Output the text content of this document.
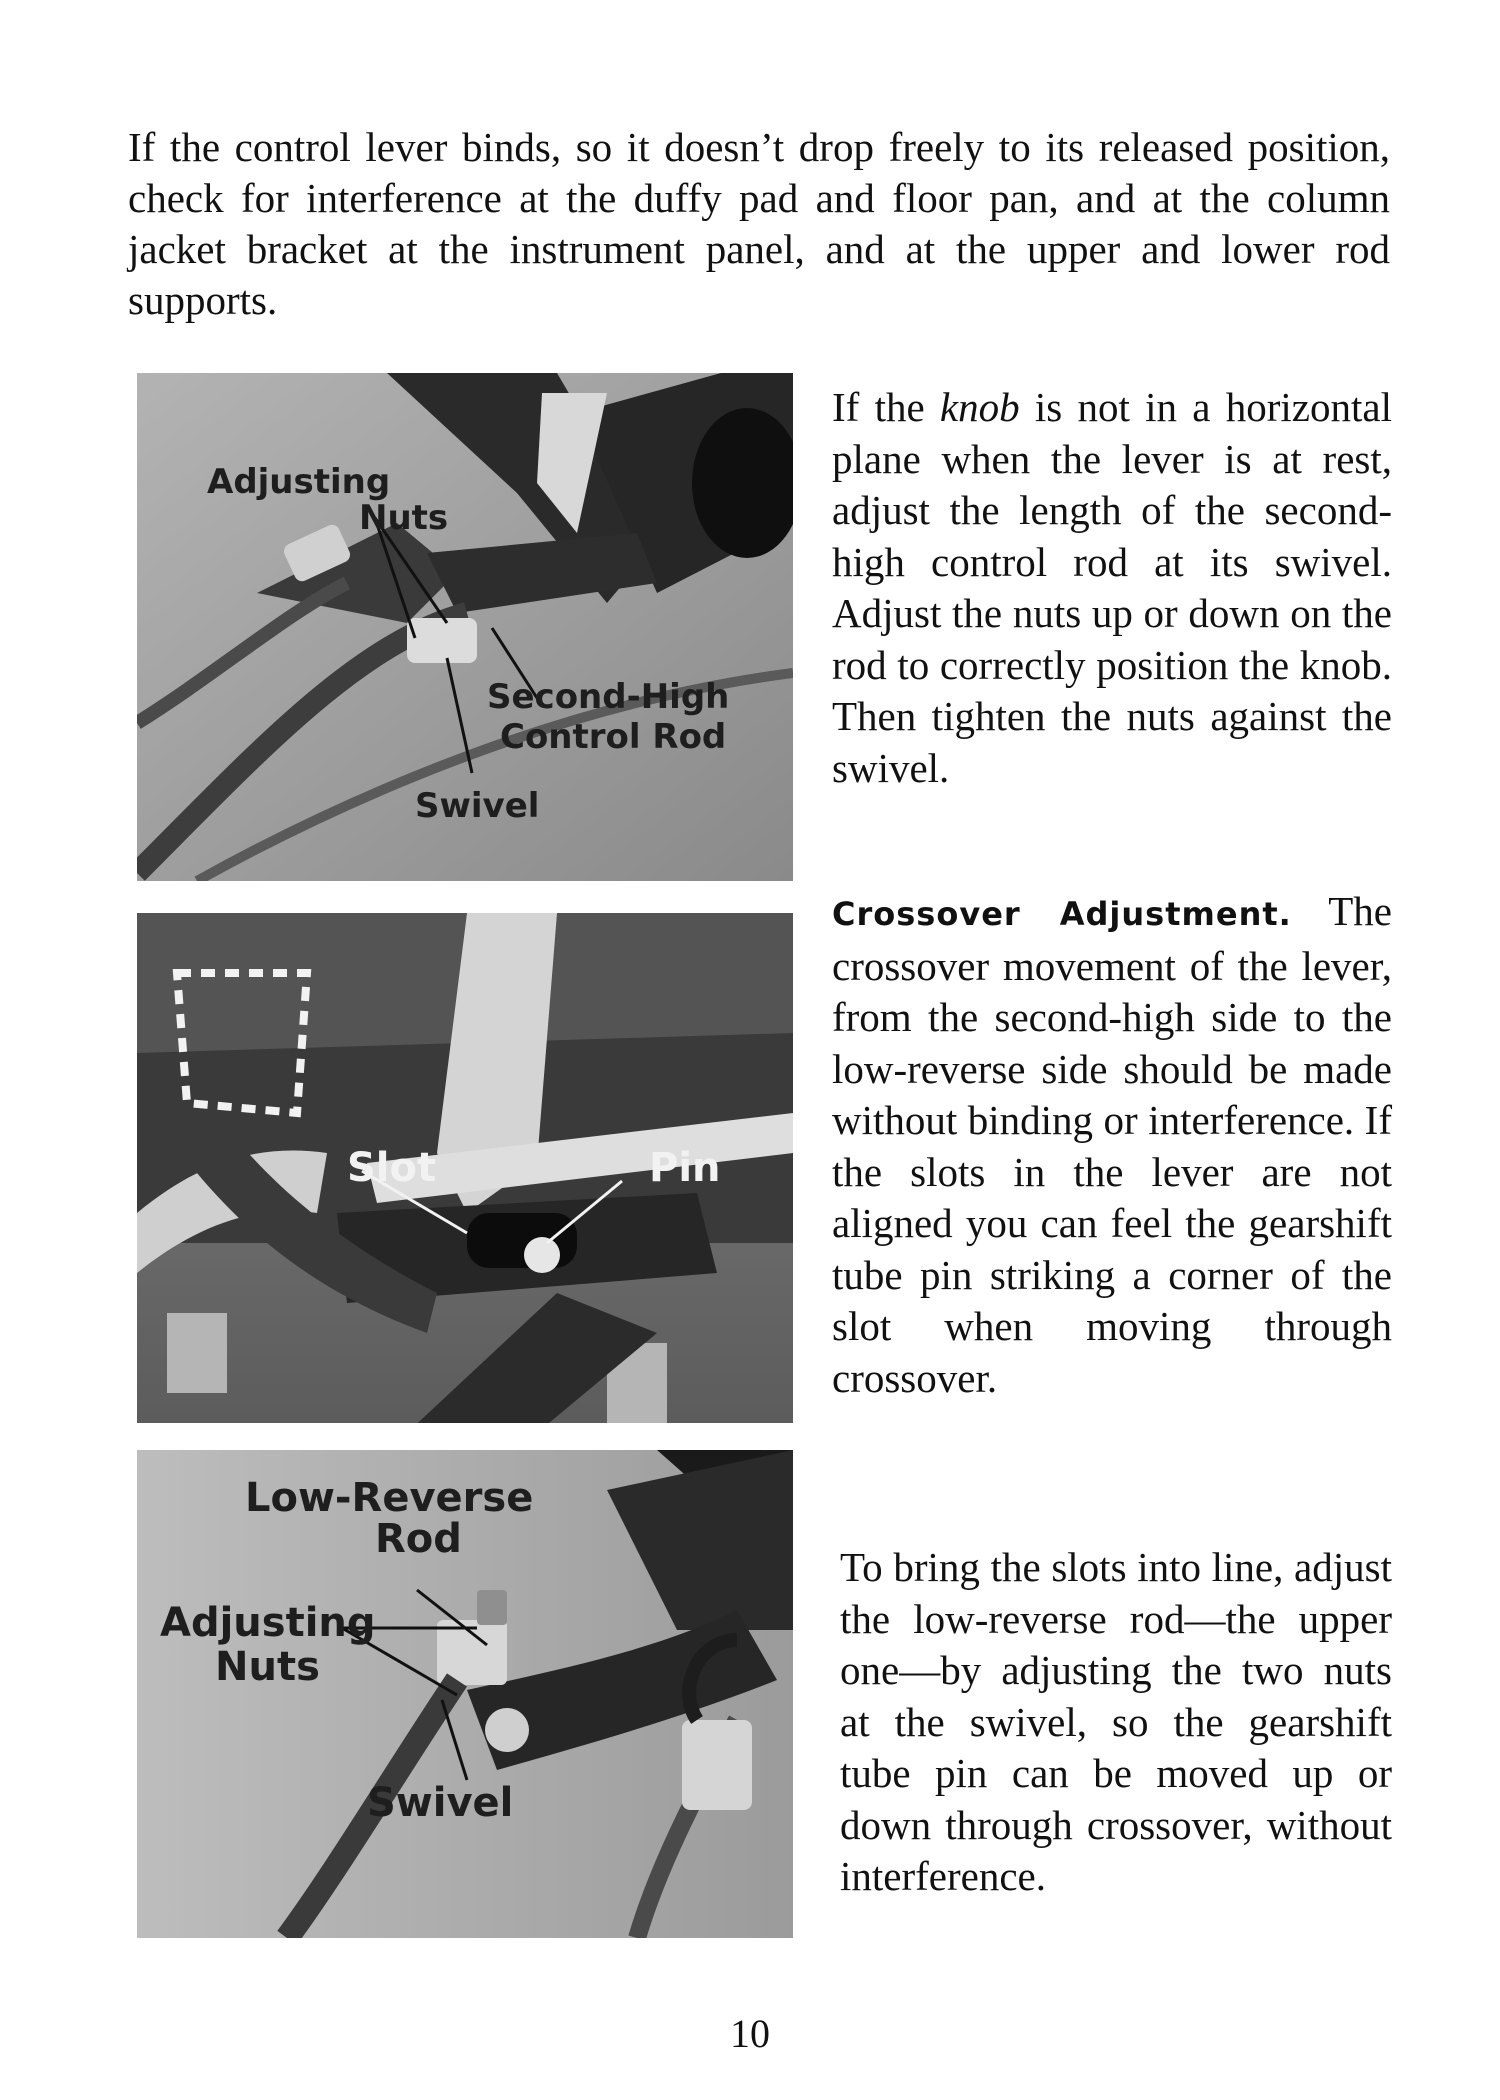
If the control lever binds, so it doesn’t drop freely to its released position, check for interference at the duffy pad and floor pan, and at the column jacket bracket at the instrument panel, and at the upper and lower rod supports.

Adjusting
Nuts
Second-High
Control Rod
Swivel
Slot	Pin
Low-Reverse
Rod
Adjusting
Nuts
Swivel

If the knob is not in a horizontal plane when the lever is at rest, adjust the length of the second-high control rod at its swivel. Adjust the nuts up or down on the rod to correctly position the knob. Then tighten the nuts against the swivel.

Crossover Adjustment. The crossover movement of the lever, from the second-high side to the low-reverse side should be made without binding or interference. If the slots in the lever are not aligned you can feel the gearshift tube pin striking a corner of the slot when moving through crossover.

To bring the slots into line, adjust the low-reverse rod—the upper one—by adjusting the two nuts at the swivel, so the gearshift tube pin can be moved up or down through crossover, without interference.

10
